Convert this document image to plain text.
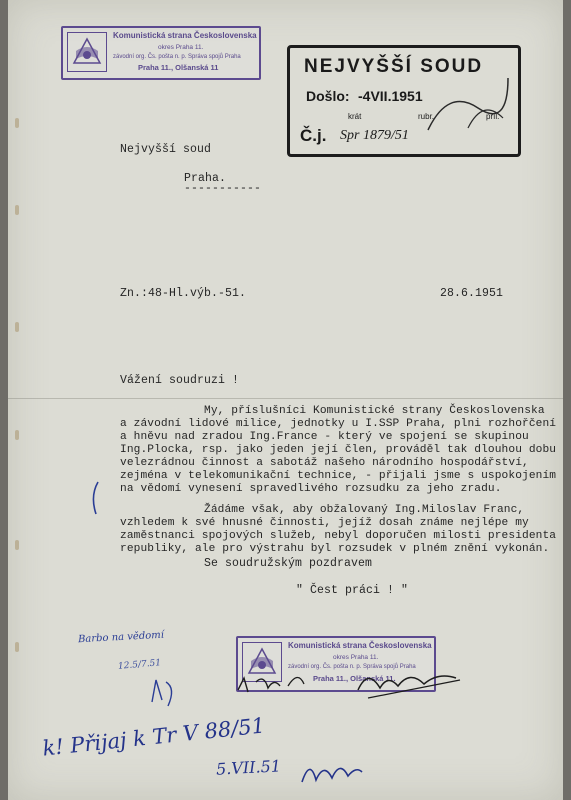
Komunistická strana Československa
okres Praha 11.
závodní org. Čs. pošta n. p. Správa spojů Praha
Praha 11., Olšanská 11	NEJVYŠŠÍ SOUD
Došlo: -4VII.1951
krát	rubr.	příl.
Č.j. Spr 1879/51
Nejvyšší soud
Praha.
-----------
Zn.:48-Hl.výb.-51.	28.6.1951
Vážení soudruzi !
My, příslušníci Komunistické strany Československa
a závodní lidové milice, jednotky u I.SSP Praha, plni rozhořčení
a hněvu nad zradou Ing.France - který ve spojení se skupinou
Ing.Plocka, rsp. jako jeden její člen, prováděl tak dlouhou dobu
velezrádnou činnost a sabotáž našeho národního hospodářství,
zejména v telekomunikační technice, - přijali jsme s uspokojením
na vědomí vynesení spravedlivého rozsudku za jeho zradu.
Žádáme však, aby obžalovaný Ing.Miloslav Franc,
vzhledem k své hnusné činnosti, jejíž dosah známe nejlépe my
zaměstnanci spojových služeb, nebyl doporučen milosti presidenta
republiky, ale pro výstrahu byl rozsudek v plném znění vykonán.
Se soudružským pozdravem
" Čest práci ! "
Komunistická strana Československa
okres Praha 11.
závodní org. Čs. pošta n. p. Správa spojů Praha
Praha 11., Olšanská 11.
Barbo na vědomí
12.5/7.51
k! Přijaj k Tr V 88/51
5.VII.51
